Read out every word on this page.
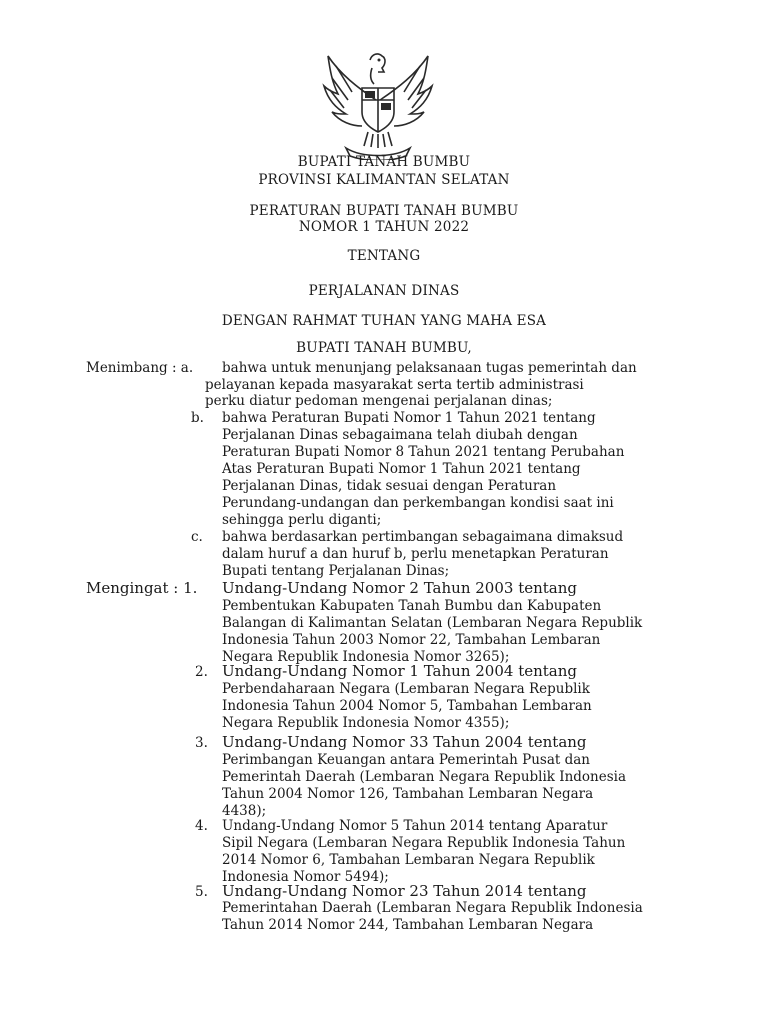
BUPATI TANAH BUMBU
PROVINSI KALIMANTAN SELATAN
PERATURAN BUPATI TANAH BUMBU
NOMOR 1 TAHUN 2022
TENTANG
PERJALANAN DINAS
DENGAN RAHMAT TUHAN YANG MAHA ESA
BUPATI TANAH BUMBU,
Menimbang : a. bahwa untuk menunjang pelaksanaan tugas pemerintah dan
pelayanan kepada masyarakat serta tertib administrasi
perku diatur pedoman mengenai perjalanan dinas;
b. bahwa Peraturan Bupati Nomor 1 Tahun 2021 tentang
Perjalanan Dinas sebagaimana telah diubah dengan
Peraturan Bupati Nomor 8 Tahun 2021 tentang Perubahan
Atas Peraturan Bupati Nomor 1 Tahun 2021 tentang
Perjalanan Dinas, tidak sesuai dengan Peraturan
Perundang-undangan dan perkembangan kondisi saat ini
sehingga perlu diganti;
c. bahwa berdasarkan pertimbangan sebagaimana dimaksud
dalam huruf a dan huruf b, perlu menetapkan Peraturan
Bupati tentang Perjalanan Dinas;
Mengingat : 1. Undang-Undang Nomor 2 Tahun 2003 tentang
Pembentukan Kabupaten Tanah Bumbu dan Kabupaten
Balangan di Kalimantan Selatan (Lembaran Negara Republik
Indonesia Tahun 2003 Nomor 22, Tambahan Lembaran
Negara Republik Indonesia Nomor 3265);
2. Undang-Undang Nomor 1 Tahun 2004 tentang
Perbendaharaan Negara (Lembaran Negara Republik
Indonesia Tahun 2004 Nomor 5, Tambahan Lembaran
Negara Republik Indonesia Nomor 4355);
3. Undang-Undang Nomor 33 Tahun 2004 tentang
Perimbangan Keuangan antara Pemerintah Pusat dan
Pemerintah Daerah (Lembaran Negara Republik Indonesia
Tahun 2004 Nomor 126, Tambahan Lembaran Negara
4438);
4. Undang-Undang Nomor 5 Tahun 2014 tentang Aparatur
Sipil Negara (Lembaran Negara Republik Indonesia Tahun
2014 Nomor 6, Tambahan Lembaran Negara Republik
Indonesia Nomor 5494);
5. Undang-Undang Nomor 23 Tahun 2014 tentang
Pemerintahan Daerah (Lembaran Negara Republik Indonesia
Tahun 2014 Nomor 244, Tambahan Lembaran Negara
